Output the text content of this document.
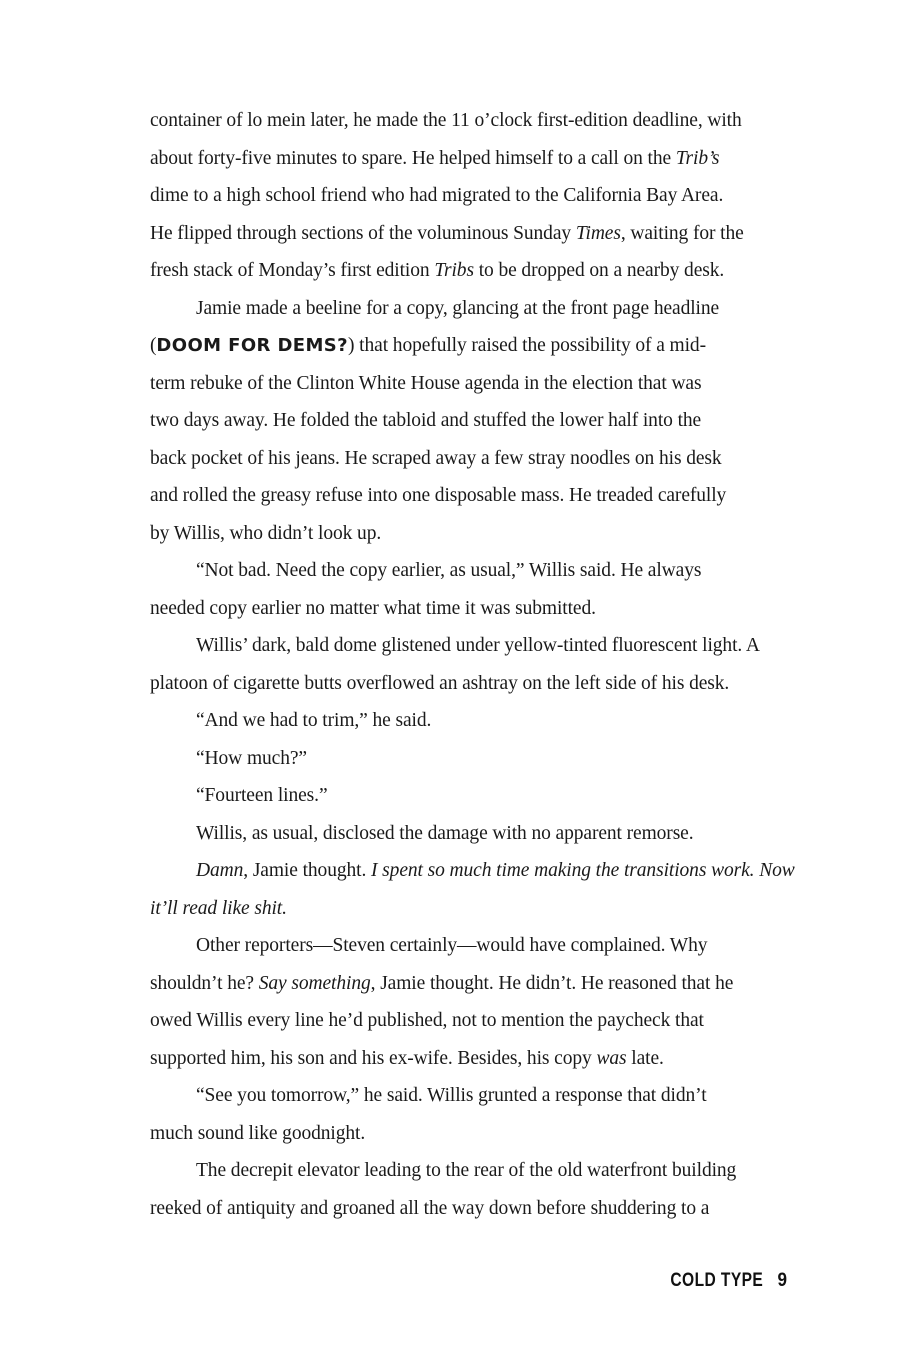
container of lo mein later, he made the 11 o’clock first-edition deadline, with
about forty-five minutes to spare. He helped himself to a call on the Trib’s
dime to a high school friend who had migrated to the California Bay Area.
He flipped through sections of the voluminous Sunday Times, waiting for the
fresh stack of Monday’s first edition Tribs to be dropped on a nearby desk.
Jamie made a beeline for a copy, glancing at the front page headline
(DOOM FOR DEMS?) that hopefully raised the possibility of a mid-
term rebuke of the Clinton White House agenda in the election that was
two days away. He folded the tabloid and stuffed the lower half into the
back pocket of his jeans. He scraped away a few stray noodles on his desk
and rolled the greasy refuse into one disposable mass. He treaded carefully
by Willis, who didn’t look up.
“Not bad. Need the copy earlier, as usual,” Willis said. He always
needed copy earlier no matter what time it was submitted.
Willis’ dark, bald dome glistened under yellow-tinted fluorescent light. A
platoon of cigarette butts overflowed an ashtray on the left side of his desk.
“And we had to trim,” he said.
“How much?”
“Fourteen lines.”
Willis, as usual, disclosed the damage with no apparent remorse.
Damn, Jamie thought. I spent so much time making the transitions work. Now
it’ll read like shit.
Other reporters—Steven certainly—would have complained. Why
shouldn’t he? Say something, Jamie thought. He didn’t. He reasoned that he
owed Willis every line he’d published, not to mention the paycheck that
supported him, his son and his ex-wife. Besides, his copy was late.
“See you tomorrow,” he said. Willis grunted a response that didn’t
much sound like goodnight.
The decrepit elevator leading to the rear of the old waterfront building
reeked of antiquity and groaned all the way down before shuddering to a
COLD TYPE 9
